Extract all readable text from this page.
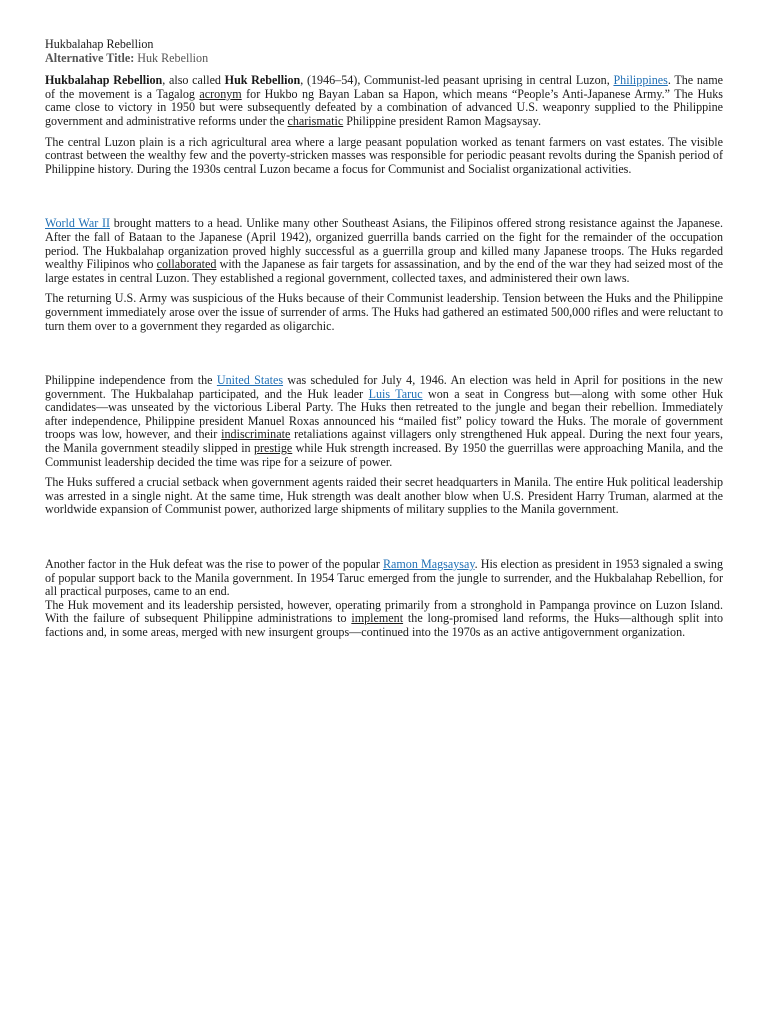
Hukbalahap Rebellion
Alternative Title: Huk Rebellion

Hukbalahap Rebellion, also called Huk Rebellion, (1946–54), Communist-led peasant uprising in central Luzon, Philippines. The name of the movement is a Tagalog acronym for Hukbo ng Bayan Laban sa Hapon, which means “People’s Anti-Japanese Army.” The Huks came close to victory in 1950 but were subsequently defeated by a combination of advanced U.S. weaponry supplied to the Philippine government and administrative reforms under the charismatic Philippine president Ramon Magsaysay.

The central Luzon plain is a rich agricultural area where a large peasant population worked as tenant farmers on vast estates. The visible contrast between the wealthy few and the poverty-stricken masses was responsible for periodic peasant revolts during the Spanish period of Philippine history. During the 1930s central Luzon became a focus for Communist and Socialist organizational activities.

World War II brought matters to a head. Unlike many other Southeast Asians, the Filipinos offered strong resistance against the Japanese. After the fall of Bataan to the Japanese (April 1942), organized guerrilla bands carried on the fight for the remainder of the occupation period. The Hukbalahap organization proved highly successful as a guerrilla group and killed many Japanese troops. The Huks regarded wealthy Filipinos who collaborated with the Japanese as fair targets for assassination, and by the end of the war they had seized most of the large estates in central Luzon. They established a regional government, collected taxes, and administered their own laws.

The returning U.S. Army was suspicious of the Huks because of their Communist leadership. Tension between the Huks and the Philippine government immediately arose over the issue of surrender of arms. The Huks had gathered an estimated 500,000 rifles and were reluctant to turn them over to a government they regarded as oligarchic.

Philippine independence from the United States was scheduled for July 4, 1946. An election was held in April for positions in the new government. The Hukbalahap participated, and the Huk leader Luis Taruc won a seat in Congress but—along with some other Huk candidates—was unseated by the victorious Liberal Party. The Huks then retreated to the jungle and began their rebellion. Immediately after independence, Philippine president Manuel Roxas announced his “mailed fist” policy toward the Huks. The morale of government troops was low, however, and their indiscriminate retaliations against villagers only strengthened Huk appeal. During the next four years, the Manila government steadily slipped in prestige while Huk strength increased. By 1950 the guerrillas were approaching Manila, and the Communist leadership decided the time was ripe for a seizure of power.

The Huks suffered a crucial setback when government agents raided their secret headquarters in Manila. The entire Huk political leadership was arrested in a single night. At the same time, Huk strength was dealt another blow when U.S. President Harry Truman, alarmed at the worldwide expansion of Communist power, authorized large shipments of military supplies to the Manila government.

Another factor in the Huk defeat was the rise to power of the popular Ramon Magsaysay. His election as president in 1953 signaled a swing of popular support back to the Manila government. In 1954 Taruc emerged from the jungle to surrender, and the Hukbalahap Rebellion, for all practical purposes, came to an end.

The Huk movement and its leadership persisted, however, operating primarily from a stronghold in Pampanga province on Luzon Island. With the failure of subsequent Philippine administrations to implement the long-promised land reforms, the Huks—although split into factions and, in some areas, merged with new insurgent groups—continued into the 1970s as an active antigovernment organization.
